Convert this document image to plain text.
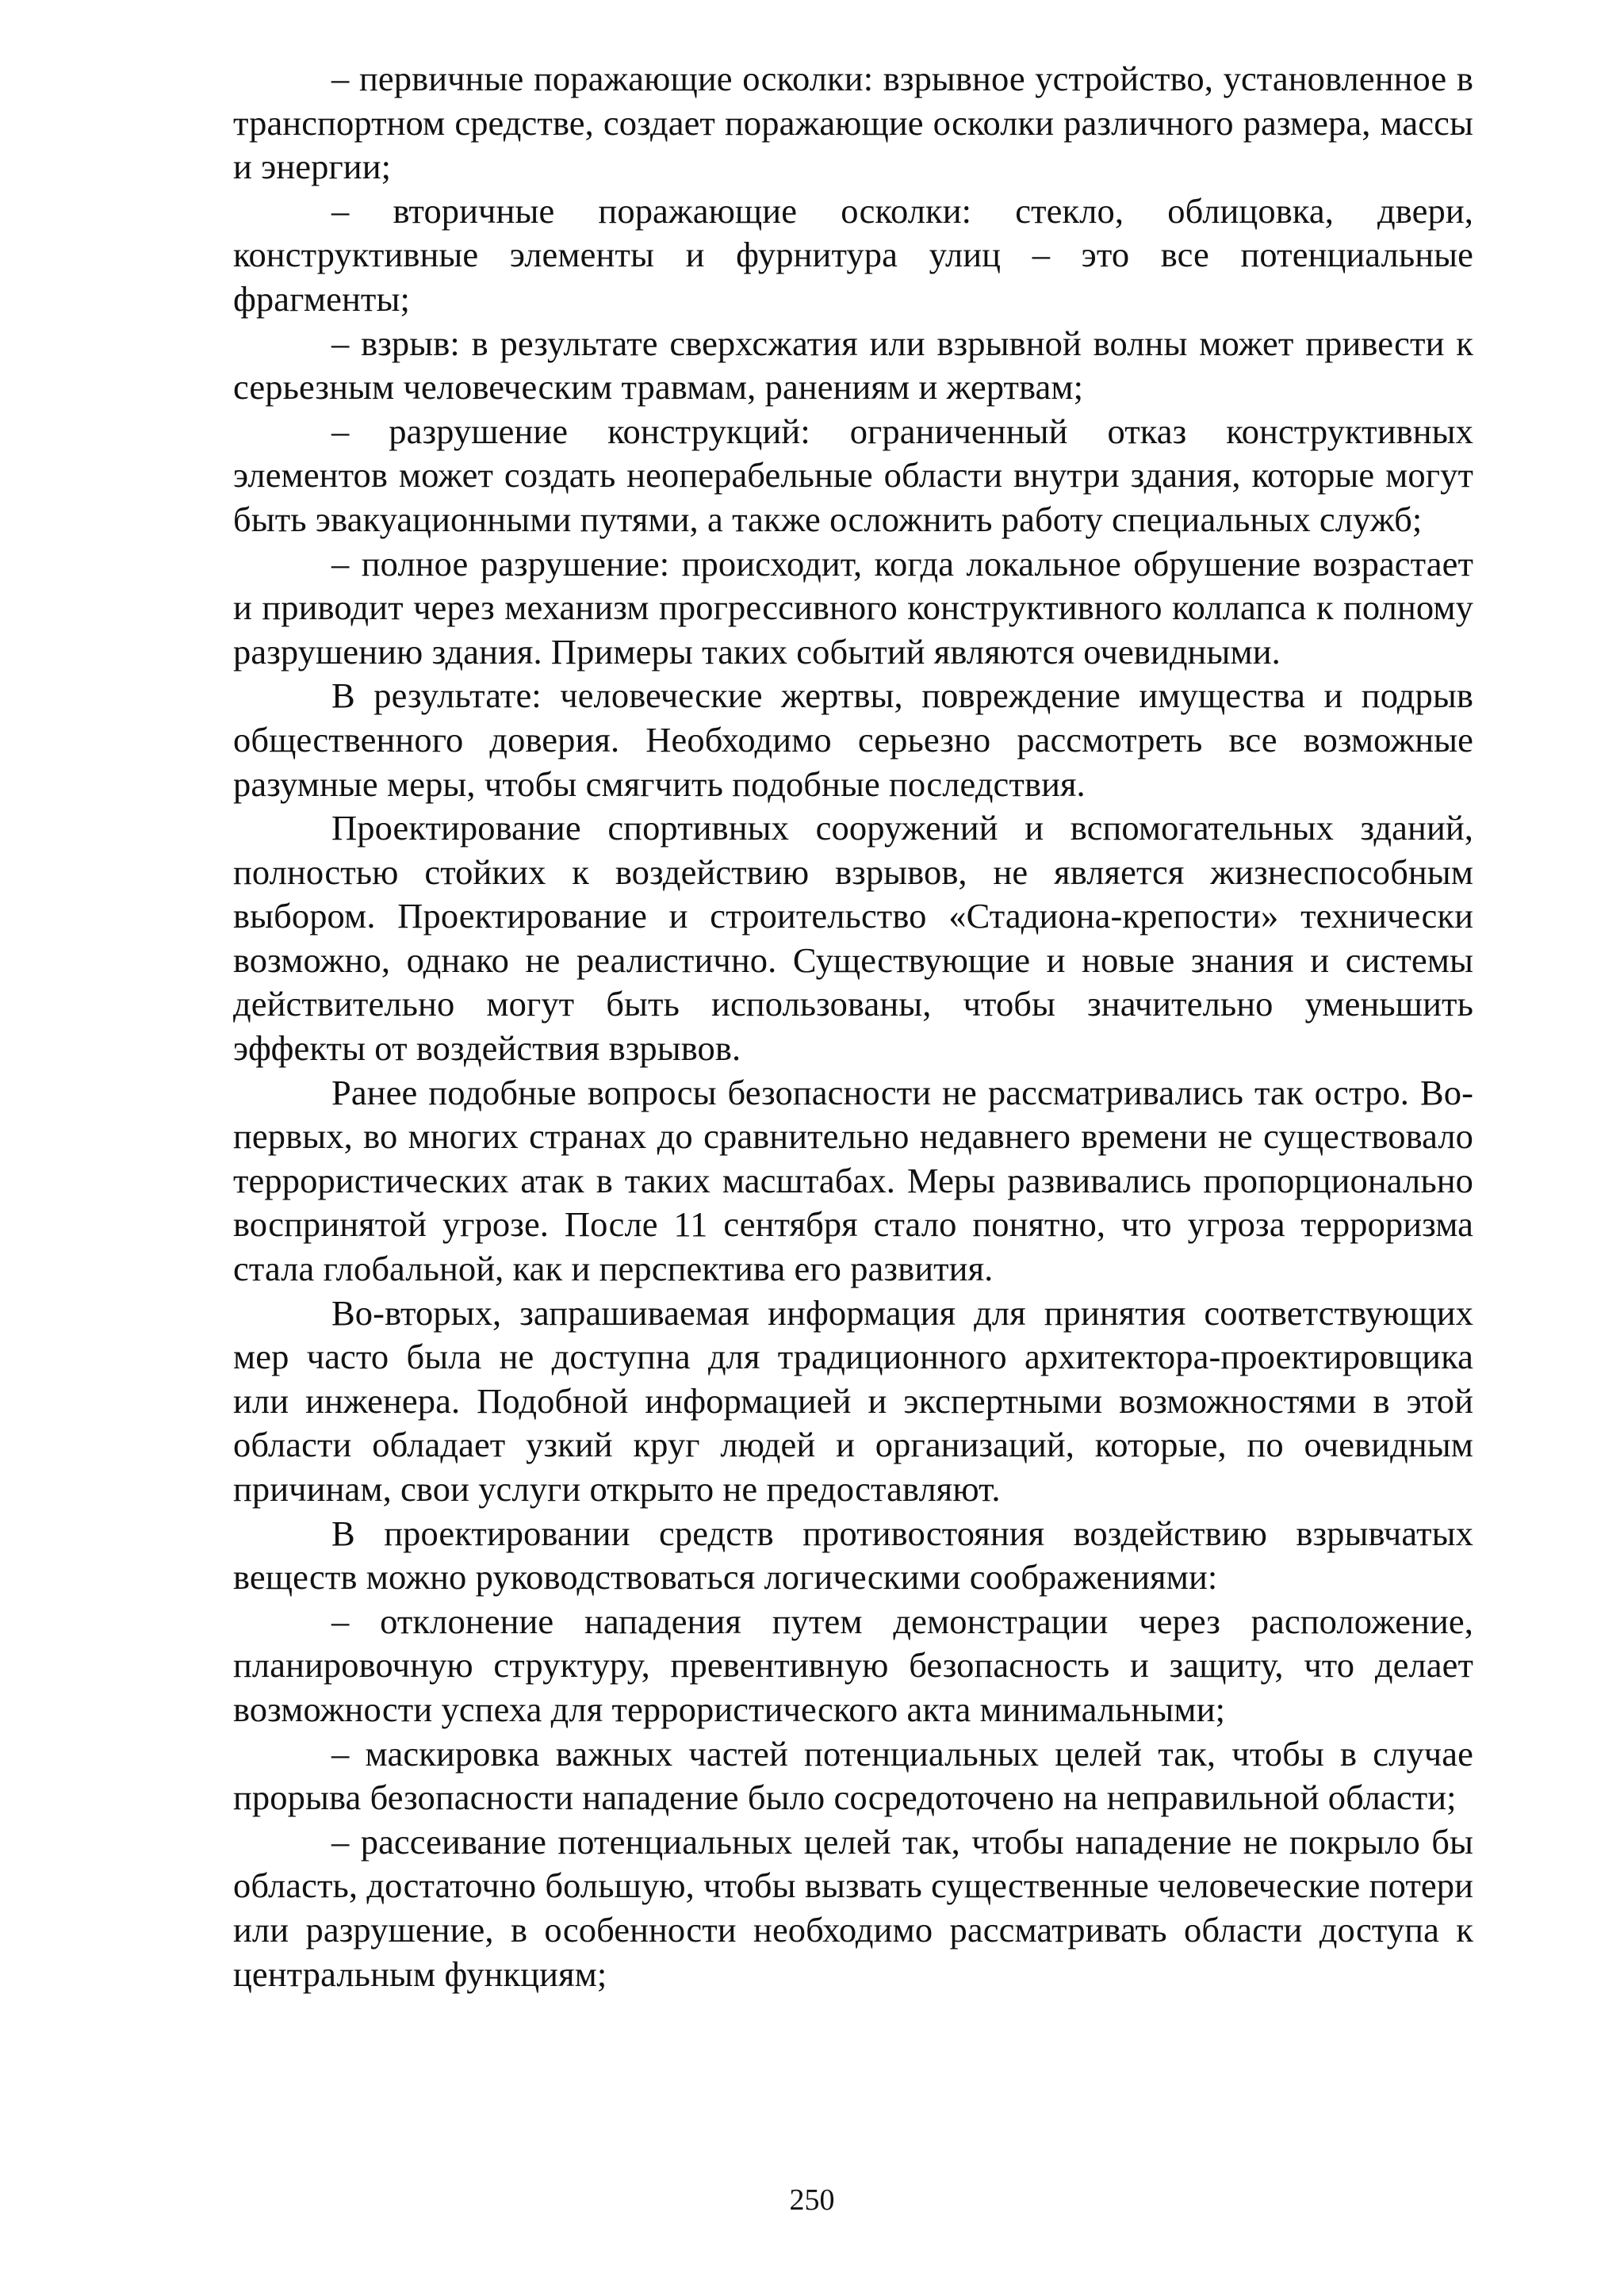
– первичные поражающие осколки: взрывное устройство, установленное в транспортном средстве, создает поражающие осколки различного размера, массы и энергии;

– вторичные поражающие осколки: стекло, облицовка, двери, конструктивные элементы и фурнитура улиц – это все потенциальные фрагменты;

– взрыв: в результате сверхсжатия или взрывной волны может привести к серьезным человеческим травмам, ранениям и жертвам;

– разрушение конструкций: ограниченный отказ конструктивных элементов может создать неоперабельные области внутри здания, которые могут быть эвакуационными путями, а также осложнить работу специальных служб;

– полное разрушение: происходит, когда локальное обрушение возрастает и приводит через механизм прогрессивного конструктивного коллапса к полному разрушению здания. Примеры таких событий являются очевидными.

В результате: человеческие жертвы, повреждение имущества и подрыв общественного доверия. Необходимо серьезно рассмотреть все возможные разумные меры, чтобы смягчить подобные последствия.

Проектирование спортивных сооружений и вспомогательных зданий, полностью стойких к воздействию взрывов, не является жизнеспособным выбором. Проектирование и строительство «Стадиона-крепости» технически возможно, однако не реалистично. Существующие и новые знания и системы действительно могут быть использованы, чтобы значительно уменьшить эффекты от воздействия взрывов.

Ранее подобные вопросы безопасности не рассматривались так остро. Во-первых, во многих странах до сравнительно недавнего времени не существовало террористических атак в таких масштабах. Меры развивались пропорционально воспринятой угрозе. После 11 сентября стало понятно, что угроза терроризма стала глобальной, как и перспектива его развития.

Во-вторых, запрашиваемая информация для принятия соответствующих мер часто была не доступна для традиционного архитектора-проектировщика или инженера. Подобной информацией и экспертными возможностями в этой области обладает узкий круг людей и организаций, которые, по очевидным причинам, свои услуги открыто не предоставляют.

В проектировании средств противостояния воздействию взрывчатых веществ можно руководствоваться логическими соображениями:

– отклонение нападения путем демонстрации через расположение, планировочную структуру, превентивную безопасность и защиту, что делает возможности успеха для террористического акта минимальными;

– маскировка важных частей потенциальных целей так, чтобы в случае прорыва безопасности нападение было сосредоточено на неправильной области;

– рассеивание потенциальных целей так, чтобы нападение не покрыло бы область, достаточно большую, чтобы вызвать существенные человеческие потери или разрушение, в особенности необходимо рассматривать области доступа к центральным функциям;

250
